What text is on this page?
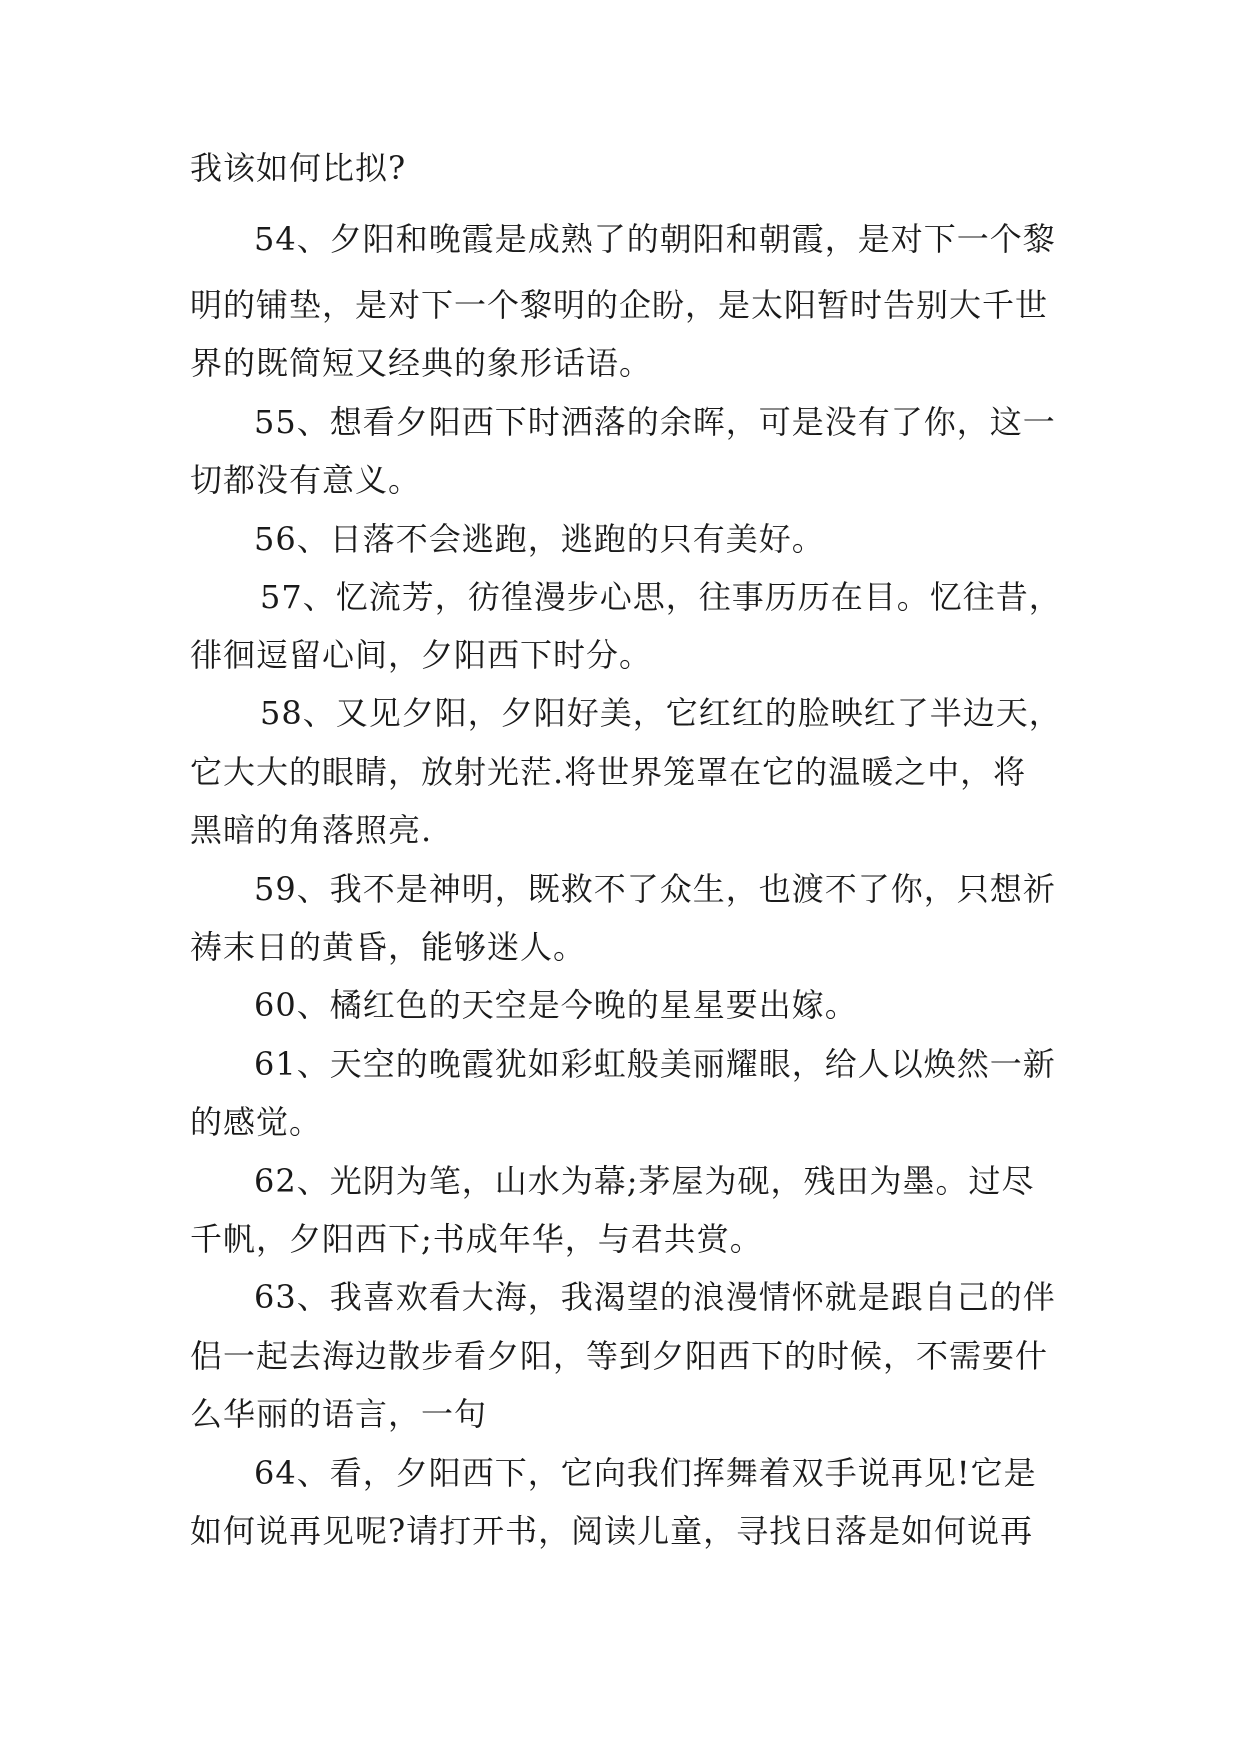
我该如何比拟?
54、夕阳和晚霞是成熟了的朝阳和朝霞，是对下一个黎
明的铺垫，是对下一个黎明的企盼，是太阳暂时告别大千世
界的既简短又经典的象形话语。
55、想看夕阳西下时洒落的余晖，可是没有了你，这一
切都没有意义。
56、日落不会逃跑，逃跑的只有美好。
57、忆流芳，彷徨漫步心思，往事历历在目。忆往昔，
徘徊逗留心间，夕阳西下时分。
58、又见夕阳，夕阳好美，它红红的脸映红了半边天，
它大大的眼睛，放射光茫.将世界笼罩在它的温暖之中，将
黑暗的角落照亮.
59、我不是神明，既救不了众生，也渡不了你，只想祈
祷末日的黄昏，能够迷人。
60、橘红色的天空是今晚的星星要出嫁。
61、天空的晚霞犹如彩虹般美丽耀眼，给人以焕然一新
的感觉。
62、光阴为笔，山水为幕;茅屋为砚，残田为墨。过尽
千帆，夕阳西下;书成年华，与君共赏。
63、我喜欢看大海，我渴望的浪漫情怀就是跟自己的伴
侣一起去海边散步看夕阳，等到夕阳西下的时候，不需要什
么华丽的语言，一句
64、看，夕阳西下，它向我们挥舞着双手说再见!它是
如何说再见呢?请打开书，阅读儿童，寻找日落是如何说再
